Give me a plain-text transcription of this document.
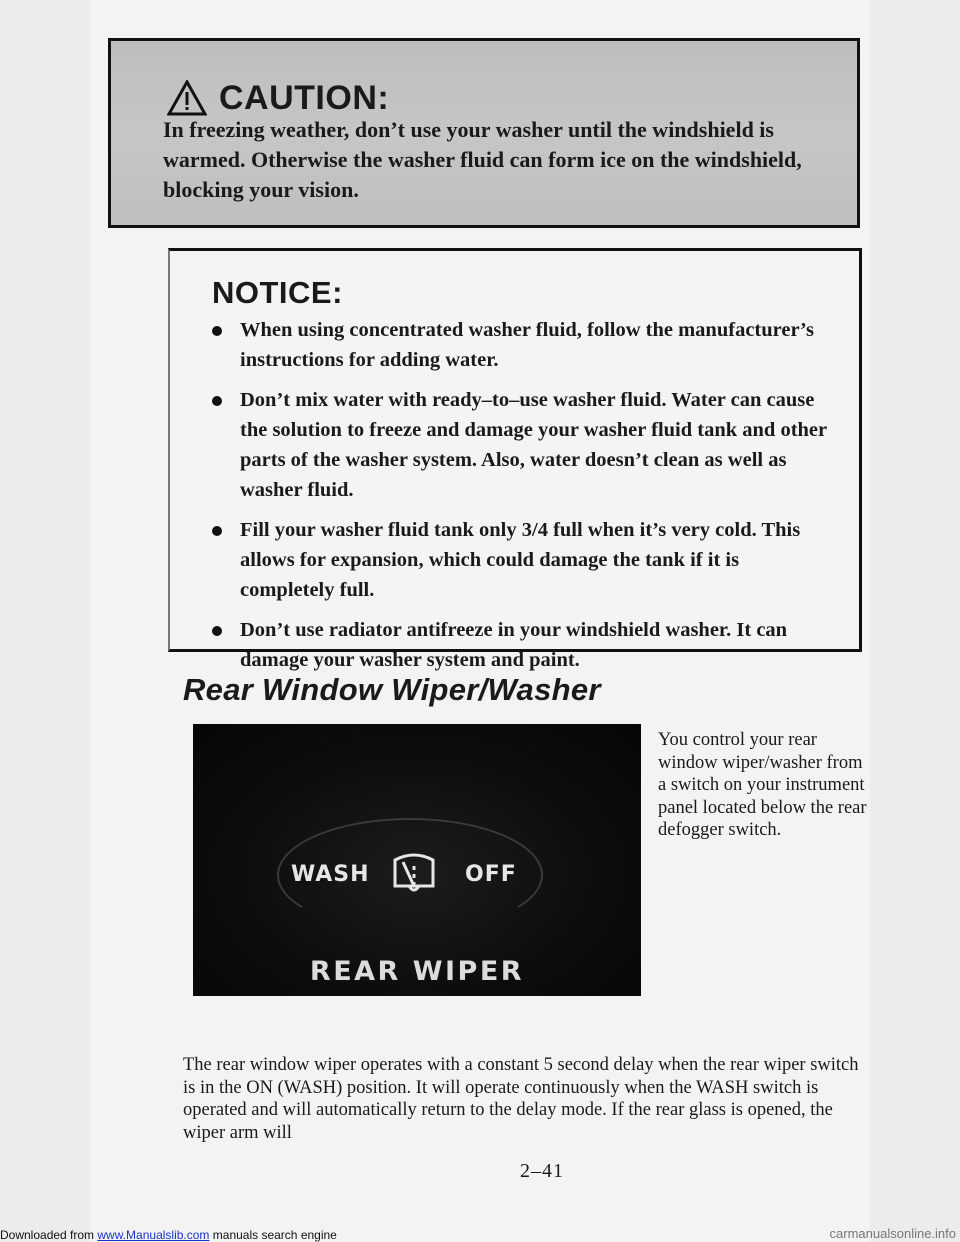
CAUTION:
In freezing weather, don’t use your washer until the windshield is warmed. Otherwise the washer fluid can form ice on the windshield, blocking your vision.
NOTICE:
When using concentrated washer fluid, follow the manufacturer’s instructions for adding water.
Don’t mix water with ready–to–use washer fluid. Water can cause the solution to freeze and damage your washer fluid tank and other parts of the washer system. Also, water doesn’t clean as well as washer fluid.
Fill your washer fluid tank only 3/4 full when it’s very cold. This allows for expansion, which could damage the tank if it is completely full.
Don’t use radiator antifreeze in your windshield washer. It can damage your washer system and paint.
Rear Window Wiper/Washer
WASH	OFF
REAR WIPER
You control your rear window wiper/washer from a switch on your instrument panel located below the rear defogger switch.
The rear window wiper operates with a constant 5 second delay when the rear wiper switch is in the ON (WASH) position. It will operate continuously when the WASH switch is operated and will automatically return to the delay mode. If the rear glass is opened, the wiper arm will
2–41
Downloaded from www.Manualslib.com manuals search engine	carmanualsonline.info
